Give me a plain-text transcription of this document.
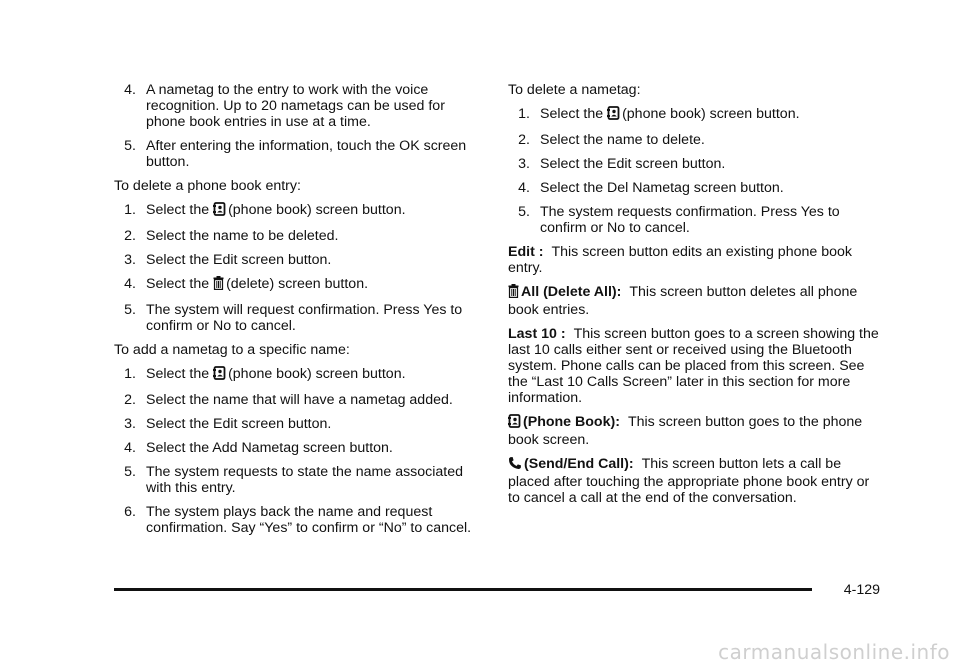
4. A nametag to the entry to work with the voice recognition. Up to 20 nametags can be used for phone book entries in use at a time.
5. After entering the information, touch the OK screen button.

To delete a phone book entry:

1. Select the (phone book) screen button.
2. Select the name to be deleted.
3. Select the Edit screen button.
4. Select the (delete) screen button.
5. The system will request confirmation. Press Yes to confirm or No to cancel.

To add a nametag to a specific name:

1. Select the (phone book) screen button.
2. Select the name that will have a nametag added.
3. Select the Edit screen button.
4. Select the Add Nametag screen button.
5. The system requests to state the name associated with this entry.
6. The system plays back the name and request confirmation. Say “Yes” to confirm or “No” to cancel.

To delete a nametag:

1. Select the (phone book) screen button.
2. Select the name to delete.
3. Select the Edit screen button.
4. Select the Del Nametag screen button.
5. The system requests confirmation. Press Yes to confirm or No to cancel.

Edit : This screen button edits an existing phone book entry.

All (Delete All): This screen button deletes all phone book entries.

Last 10 : This screen button goes to a screen showing the last 10 calls either sent or received using the Bluetooth system. Phone calls can be placed from this screen. See the “Last 10 Calls Screen” later in this section for more information.

(Phone Book): This screen button goes to the phone book screen.

(Send/End Call): This screen button lets a call be placed after touching the appropriate phone book entry or to cancel a call at the end of the conversation.

4-129
carmanualsonline.info
